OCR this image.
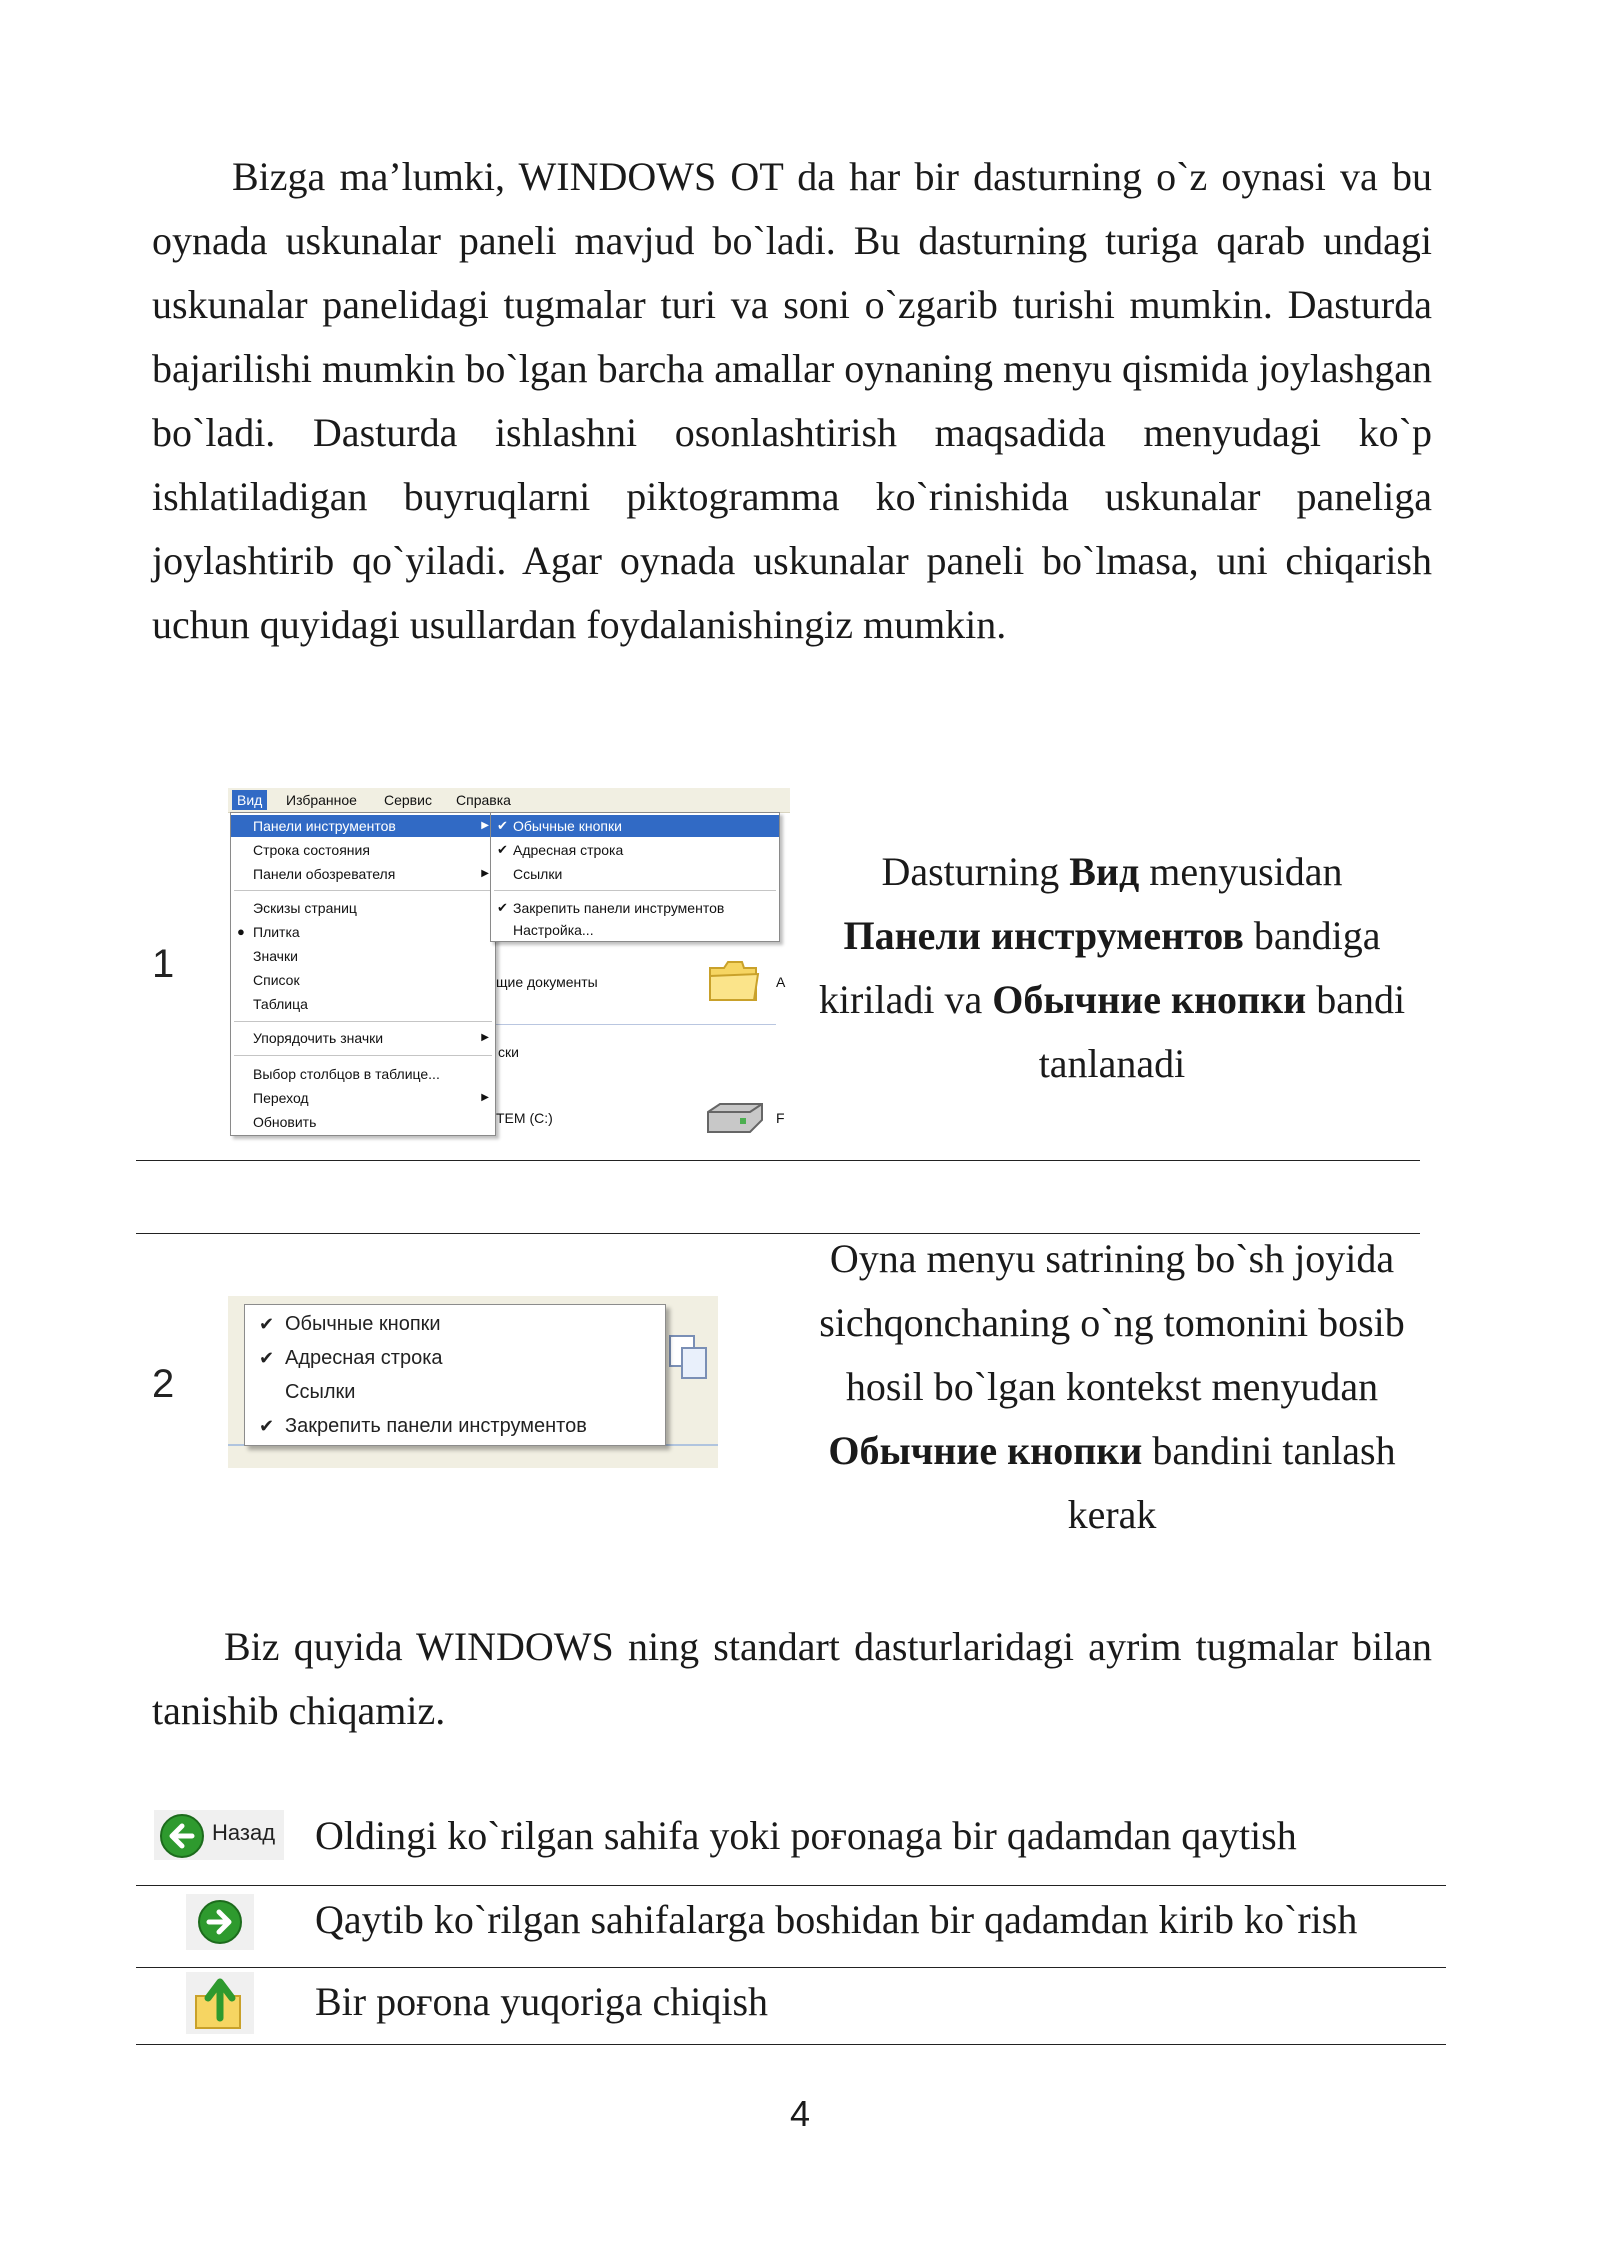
Bizga ma’lumki, WINDOWS OT da har bir dasturning o`z oynasi va bu oynada uskunalar paneli mavjud bo`ladi. Bu dasturning turiga qarab undagi uskunalar panelidagi tugmalar turi va soni o`zgarib turishi mumkin. Dasturda bajarilishi mumkin bo`lgan barcha amallar oynaning menyu qismida joylashgan bo`ladi. Dasturda ishlashni osonlashtirish maqsadida menyudagi ko`p ishlatiladigan buyruqlarni piktogramma ko`rinishida uskunalar paneliga joylashtirib qo`yiladi. Agar oynada uskunalar paneli bo`lmasa, uni chiqarish uchun quyidagi usullardan foydalanishingiz mumkin.

1
Вид	Избранное Сервис Справка
щие документы
ски
ТЕМ (C:)
А
F
Панели инструментов	▶
Строка состояния
Панели обозревателя	▶
Эскизы страниц
● Плитка
Значки
Список
Таблица
Упорядочить значки	▶
Выбор столбцов в таблице...
Переход	▶
Обновить
✔ Обычные кнопки
✔ Адресная строка
Ссылки
✔ Закрепить панели инструментов
Настройка...

Dasturning Вид menyusidan Панели инструментов bandiga kiriladi va Обычние кнопки bandi tanlanadi

2
✔ Обычные кнопки
✔ Адресная строка
Ссылки
✔ Закрепить панели инструментов

Oyna menyu satrining bo`sh joyida sichqonchaning o`ng tomonini bosib hosil bo`lgan kontekst menyudan Обычние кнопки bandini tanlash kerak

Biz quyida WINDOWS ning standart dasturlaridagi ayrim tugmalar bilan tanishib chiqamiz.

Назад Oldingi ko`rilgan sahifa yoki poғonaga bir qadamdan qaytish
Qaytib ko`rilgan sahifalarga boshidan bir qadamdan kirib ko`rish
Bir poғona yuqoriga chiqish
4
